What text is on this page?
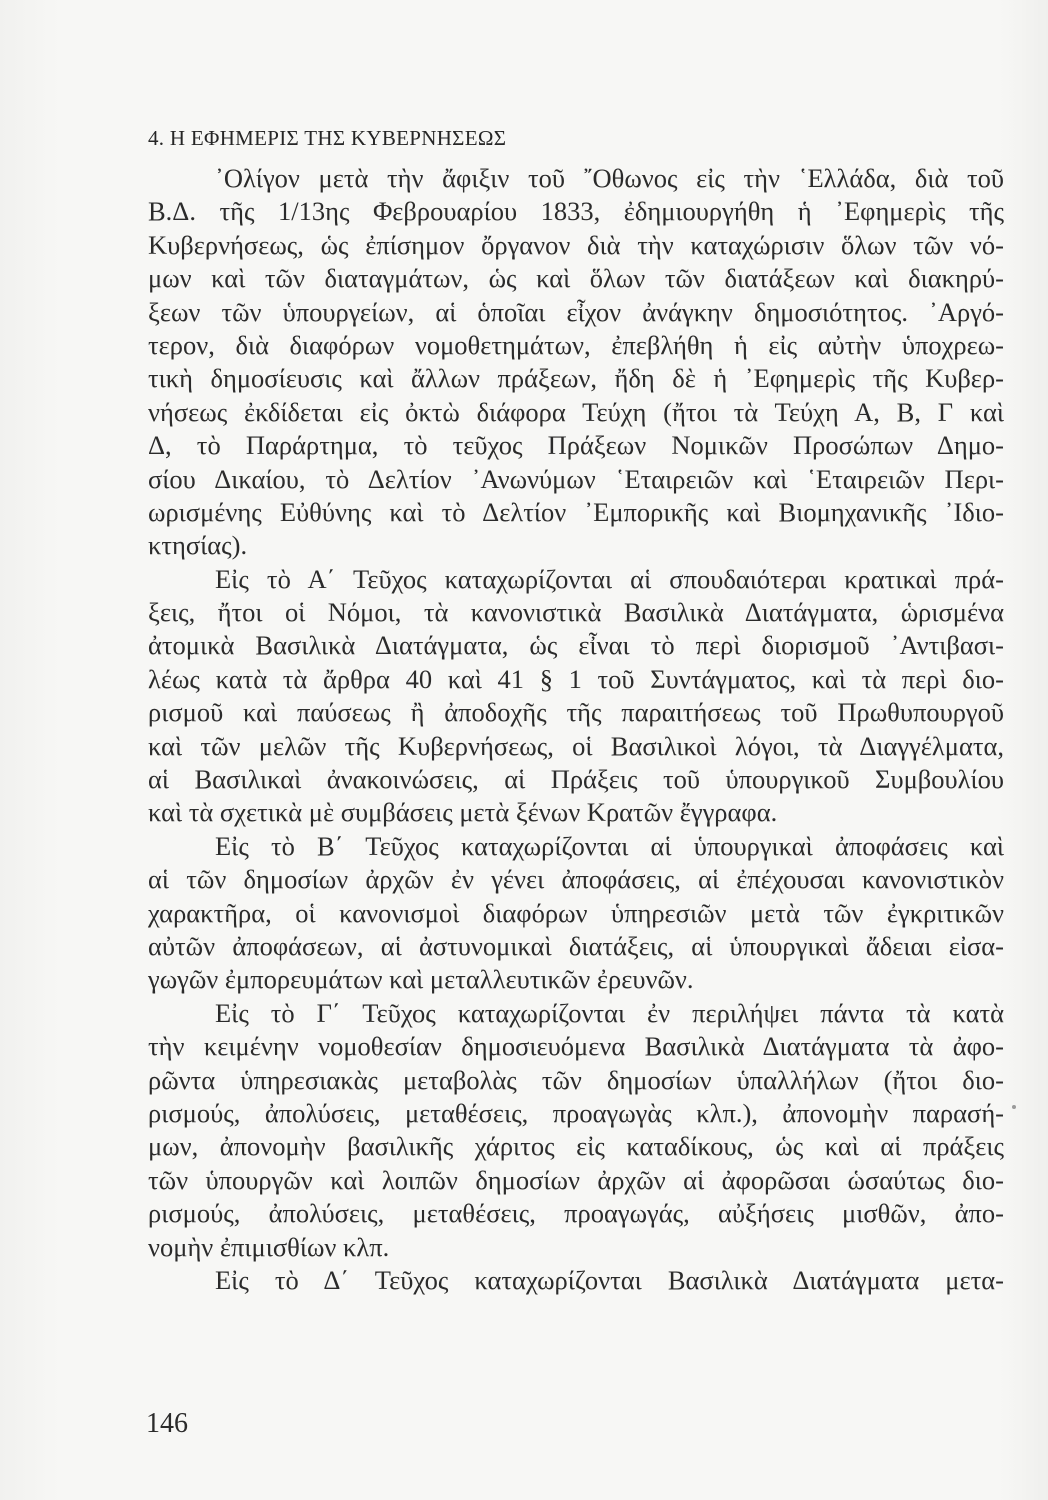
4. Η ΕΦΗΜΕΡΙΣ ΤΗΣ ΚΥΒΕΡΝΗΣΕΩΣ
᾿Ολίγον μετὰ τὴν ἄφιξιν τοῦ ῎Οθωνος εἰς τὴν ῾Ελλάδα, διὰ τοῦ
Β.Δ. τῆς 1/13ης Φεβρουαρίου 1833, ἐδημιουργήθη ἡ ᾿Εφημερὶς τῆς
Κυβερνήσεως, ὡς ἐπίσημον ὄργανον διὰ τὴν καταχώρισιν ὅλων τῶν νό-
μων καὶ τῶν διαταγμάτων, ὡς καὶ ὅλων τῶν διατάξεων καὶ διακηρύ-
ξεων τῶν ὑπουργείων, αἱ ὁποῖαι εἶχον ἀνάγκην δημοσιότητος. ᾿Αργό-
τερον, διὰ διαφόρων νομοθετημάτων, ἐπεβλήθη ἡ εἰς αὐτὴν ὑποχρεω-
τικὴ δημοσίευσις καὶ ἄλλων πράξεων, ἤδη δὲ ἡ ᾿Εφημερὶς τῆς Κυβερ-
νήσεως ἐκδίδεται εἰς ὀκτὼ διάφορα Τεύχη (ἤτοι τὰ Τεύχη Α, Β, Γ καὶ
Δ, τὸ Παράρτημα, τὸ τεῦχος Πράξεων Νομικῶν Προσώπων Δημο-
σίου Δικαίου, τὸ Δελτίον ᾿Ανωνύμων ῾Εταιρειῶν καὶ ῾Εταιρειῶν Περι-
ωρισμένης Εὐθύνης καὶ τὸ Δελτίον ᾿Εμπορικῆς καὶ Βιομηχανικῆς ᾿Ιδιο-
κτησίας).
Εἰς τὸ Α΄ Τεῦχος καταχωρίζονται αἱ σπουδαιότεραι κρατικαὶ πρά-
ξεις, ἤτοι οἱ Νόμοι, τὰ κανονιστικὰ Βασιλικὰ Διατάγματα, ὡρισμένα
ἀτομικὰ Βασιλικὰ Διατάγματα, ὡς εἶναι τὸ περὶ διορισμοῦ ᾿Αντιβασι-
λέως κατὰ τὰ ἄρθρα 40 καὶ 41 § 1 τοῦ Συντάγματος, καὶ τὰ περὶ διο-
ρισμοῦ καὶ παύσεως ἢ ἀποδοχῆς τῆς παραιτήσεως τοῦ Πρωθυπουργοῦ
καὶ τῶν μελῶν τῆς Κυβερνήσεως, οἱ Βασιλικοὶ λόγοι, τὰ Διαγγέλματα,
αἱ Βασιλικαὶ ἀνακοινώσεις, αἱ Πράξεις τοῦ ὑπουργικοῦ Συμβουλίου
καὶ τὰ σχετικὰ μὲ συμβάσεις μετὰ ξένων Κρατῶν ἔγγραφα.
Εἰς τὸ Β΄ Τεῦχος καταχωρίζονται αἱ ὑπουργικαὶ ἀποφάσεις καὶ
αἱ τῶν δημοσίων ἀρχῶν ἐν γένει ἀποφάσεις, αἱ ἐπέχουσαι κανονιστικὸν
χαρακτῆρα, οἱ κανονισμοὶ διαφόρων ὑπηρεσιῶν μετὰ τῶν ἐγκριτικῶν
αὐτῶν ἀποφάσεων, αἱ ἀστυνομικαὶ διατάξεις, αἱ ὑπουργικαὶ ἄδειαι εἰσα-
γωγῶν ἐμπορευμάτων καὶ μεταλλευτικῶν ἐρευνῶν.
Εἰς τὸ Γ΄ Τεῦχος καταχωρίζονται ἐν περιλήψει πάντα τὰ κατὰ
τὴν κειμένην νομοθεσίαν δημοσιευόμενα Βασιλικὰ Διατάγματα τὰ ἀφο-
ρῶντα ὑπηρεσιακὰς μεταβολὰς τῶν δημοσίων ὑπαλλήλων (ἤτοι διο-
ρισμούς, ἀπολύσεις, μεταθέσεις, προαγωγὰς κλπ.), ἀπονομὴν παρασή-
μων, ἀπονομὴν βασιλικῆς χάριτος εἰς καταδίκους, ὡς καὶ αἱ πράξεις
τῶν ὑπουργῶν καὶ λοιπῶν δημοσίων ἀρχῶν αἱ ἀφορῶσαι ὡσαύτως διο-
ρισμούς, ἀπολύσεις, μεταθέσεις, προαγωγάς, αὐξήσεις μισθῶν, ἀπο-
νομὴν ἐπιμισθίων κλπ.
Εἰς τὸ Δ΄ Τεῦχος καταχωρίζονται Βασιλικὰ Διατάγματα μετα-
146
